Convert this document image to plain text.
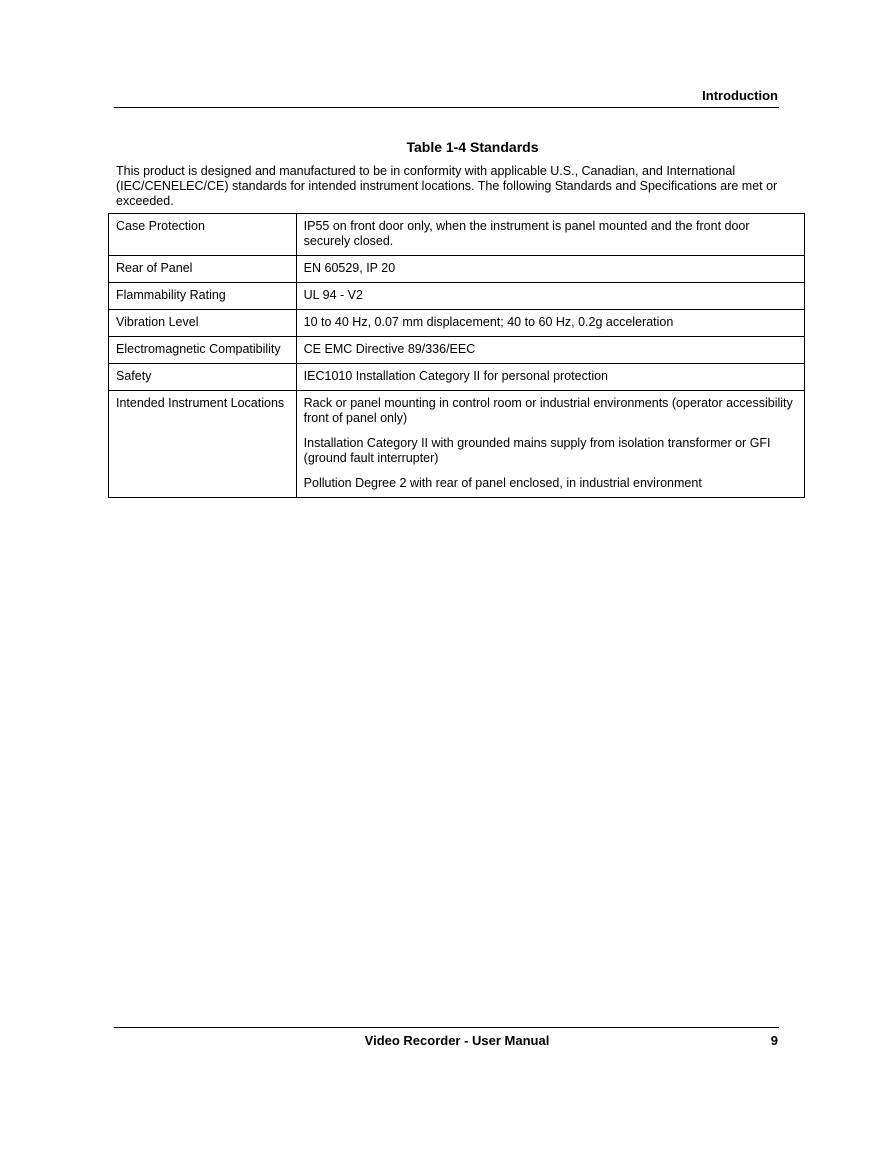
Introduction
Table 1-4 Standards
This product is designed and manufactured to be in conformity with applicable U.S., Canadian, and International (IEC/CENELEC/CE) standards for intended instrument locations. The following Standards and Specifications are met or exceeded.
Case Protection	IP55 on front door only, when the instrument is panel mounted and the front door securely closed.

Rear of Panel	EN 60529, IP 20

Flammability Rating	UL 94 - V2

Vibration Level	10 to 40 Hz, 0.07 mm displacement; 40 to 60 Hz, 0.2g acceleration

Electromagnetic Compatibility	CE EMC Directive 89/336/EEC

Safety	IEC1010 Installation Category II for personal protection

Intended Instrument Locations	Rack or panel mounting in control room or industrial environments (operator accessibility front of panel only)

Installation Category II with grounded mains supply from isolation transformer or GFI (ground fault interrupter)

Pollution Degree 2 with rear of panel enclosed, in industrial environment

Video Recorder - User Manual	9
